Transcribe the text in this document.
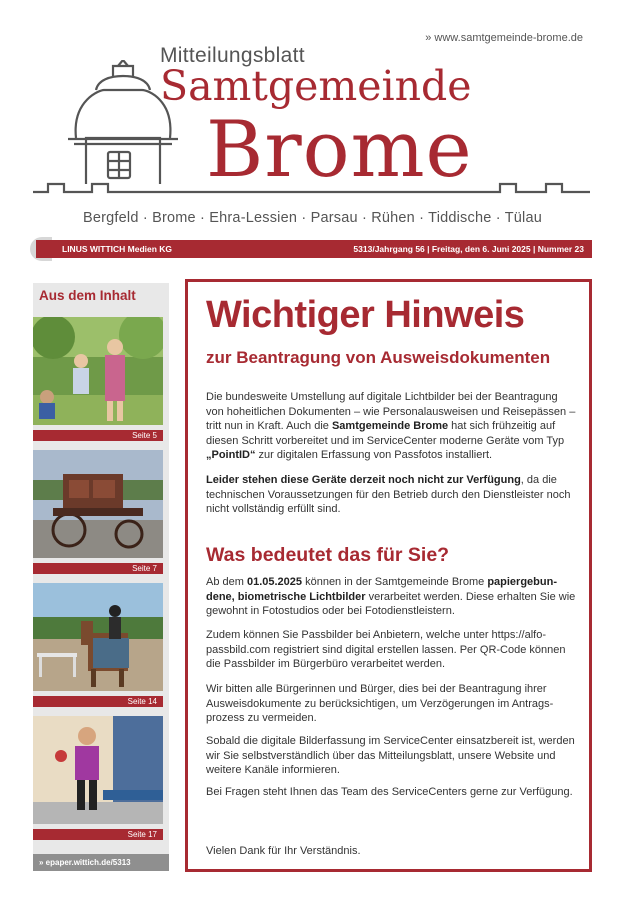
» www.samtgemeinde-brome.de
Mitteilungsblatt
Samtgemeinde
Brome
Bergfeld · Brome · Ehra-Lessien · Parsau · Rühen · Tiddische · Tülau
LINUS WITTICH Medien KG	5313/Jahrgang 56 | Freitag, den 6. Juni 2025 | Nummer 23
Aus dem Inhalt
Seite 5
Seite 7
Seite 14
Seite 17
» epaper.wittich.de/5313
Wichtiger Hinweis
zur Beantragung von Ausweisdokumenten

Die bundesweite Umstellung auf digitale Lichtbilder bei der Beantragung von hoheitlichen Dokumenten – wie Personalausweisen und Reisepässen – tritt nun in Kraft. Auch die Samtgemeinde Brome hat sich frühzeitig auf diesen Schritt vorbereitet und im ServiceCenter moderne Geräte vom Typ „PointID“ zur digitalen Erfassung von Passfotos installiert.

Leider stehen diese Geräte derzeit noch nicht zur Verfügung, da die technischen Voraussetzungen für den Betrieb durch den Dienstleister noch nicht vollständig erfüllt sind.

Was bedeutet das für Sie?

Ab dem 01.05.2025 können in der Samtgemeinde Brome papiergebundene, biometrische Lichtbilder verarbeitet werden. Diese erhalten Sie wie gewohnt in Fotostudios oder bei Fotodienstleistern.

Zudem können Sie Passbilder bei Anbietern, welche unter https://alfopassbild.com registriert sind digital erstellen lassen. Per QR-Code können die Passbilder im Bürgerbüro verarbeitet werden.

Wir bitten alle Bürgerinnen und Bürger, dies bei der Beantragung ihrer Ausweisdokumente zu berücksichtigen, um Verzögerungen im Antragsprozess zu vermeiden.

Sobald die digitale Bilderfassung im ServiceCenter einsatzbereit ist, werden wir Sie selbstverständlich über das Mitteilungsblatt, unsere Website und weitere Kanäle informieren.

Bei Fragen steht Ihnen das Team des ServiceCenters gerne zur Verfügung.

Vielen Dank für Ihr Verständnis.
